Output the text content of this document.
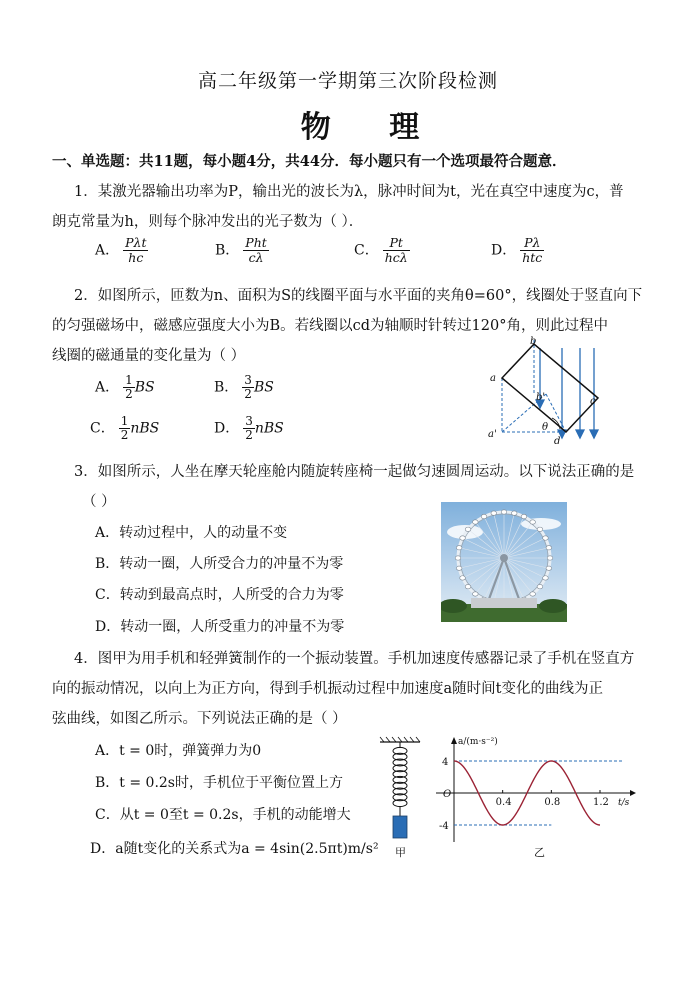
高二年级第一学期第三次阶段检测
物 理
一、单选题：共11题，每小题4分，共44分．每小题只有一个选项最符合题意．
1．某激光器输出功率为P，输出光的波长为λ，脉冲时间为t，光在真空中速度为c，普
朗克常量为h，则每个脉冲发出的光子数为（ ）．
A． $\frac{\text{Pλt}}{hc}$	B． $\frac{\text{Pht}}{c\lambda}$	C． $\frac{Pt}{\text{hcλ}}$	D． $\frac{P\lambda}{\text{htc}}$
2．如图所示，匝数为n、面积为S的线圈平面与水平面的夹角θ=60°，线圈处于竖直向下
的匀强磁场中，磁感应强度大小为B。若线圈以cd为轴顺时针转过120°角，则此过程中
线圈的磁通量的变化量为（ ）
A． $\frac{1}{2}$ BS	B． $\frac{3}{2}$ BS
C． $\frac{1}{2}$ nBS	D． $\frac{3}{2}$ nBS
b
a
b'	c
a'
θ
d
3．如图所示，人坐在摩天轮座舱内随旋转座椅一起做匀速圆周运动。以下说法正确的是
（ ）
A．转动过程中，人的动量不变
B．转动一圈，人所受合力的冲量不为零
C．转动到最高点时，人所受的合力为零
D．转动一圈，人所受重力的冲量不为零
4．图甲为用手机和轻弹簧制作的一个振动装置。手机加速度传感器记录了手机在竖直方
向的振动情况，以向上为正方向，得到手机振动过程中加速度a随时间t变化的曲线为正
弦曲线，如图乙所示。下列说法正确的是（ ）
A．t = 0时，弹簧弹力为0
B．t = 0.2s时，手机位于平衡位置上方
C．从t = 0至t = 0.2s，手机的动能增大
D．a随t变化的关系式为a = 4sin(2.5πt)m/s² 甲
0.4	0.8	1.2
4
-4
O
a/(m·s⁻²)
t/s
乙
